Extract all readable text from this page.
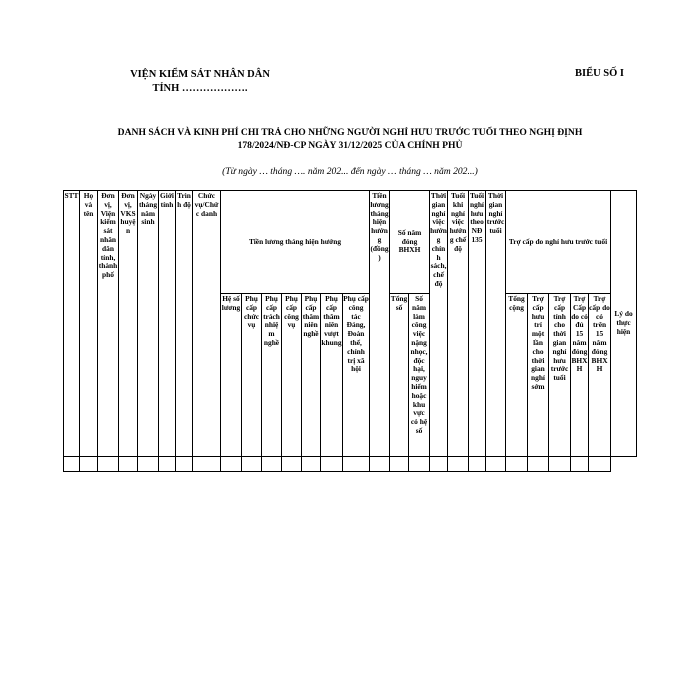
VIỆN KIỂM SÁT NHÂN DÂN
TỈNH ……………….
BIỂU SỐ I
DANH SÁCH VÀ KINH PHÍ CHI TRẢ CHO NHỮNG NGƯỜI NGHỈ HƯU TRƯỚC TUỔI THEO NGHỊ ĐỊNH
178/2024/NĐ-CP NGÀY 31/12/2025 CỦA CHÍNH PHỦ
(Từ ngày … tháng …. năm 202... đến ngày … tháng … năm 202...)
STT	Họ và tên	Đơn vị, Viện kiểm sát nhân dân tỉnh, thành phố	Đơn vị, VKS huyện	Ngày tháng năm sinh	Giới tính	Trình độ	Chức vụ/Chức danh	Tiền lương tháng hiện hưởng							Tiền lương tháng hiện hưởng (đồng)	Số năm đóng BHXH		Thời gian nghỉ việc hưởng chính sách, chế độ	Tuổi khi nghỉ việc hưởng chế độ	Tuổi nghỉ hưu theo NĐ 135	Thời gian nghỉ trước tuổi	Trợ cấp do nghỉ hưu trước tuổi					Lý do thực hiện
								Hệ số lương	Phụ cấp chức vụ	Phụ cấp trách nhiệm nghề	Phụ cấp công vụ	Phụ cấp thâm niên nghề	Phụ cấp thâm niên vượt khung	Phụ cấp công tác Đảng, Đoàn thể, chính trị xã hội		Tổng số	Số năm làm công việc nặng nhọc, độc hại, nguy hiểm hoặc khu vực có hệ số					Tổng cộng	Trợ cấp hưu trí một lần cho thời gian nghỉ sớm	Trợ cấp tính cho thời gian nghỉ hưu trước tuổi	Trợ Cấp do có đủ 15 năm đóng BHXH	Trợ cấp do có trên 15 năm đóng BHXH	
